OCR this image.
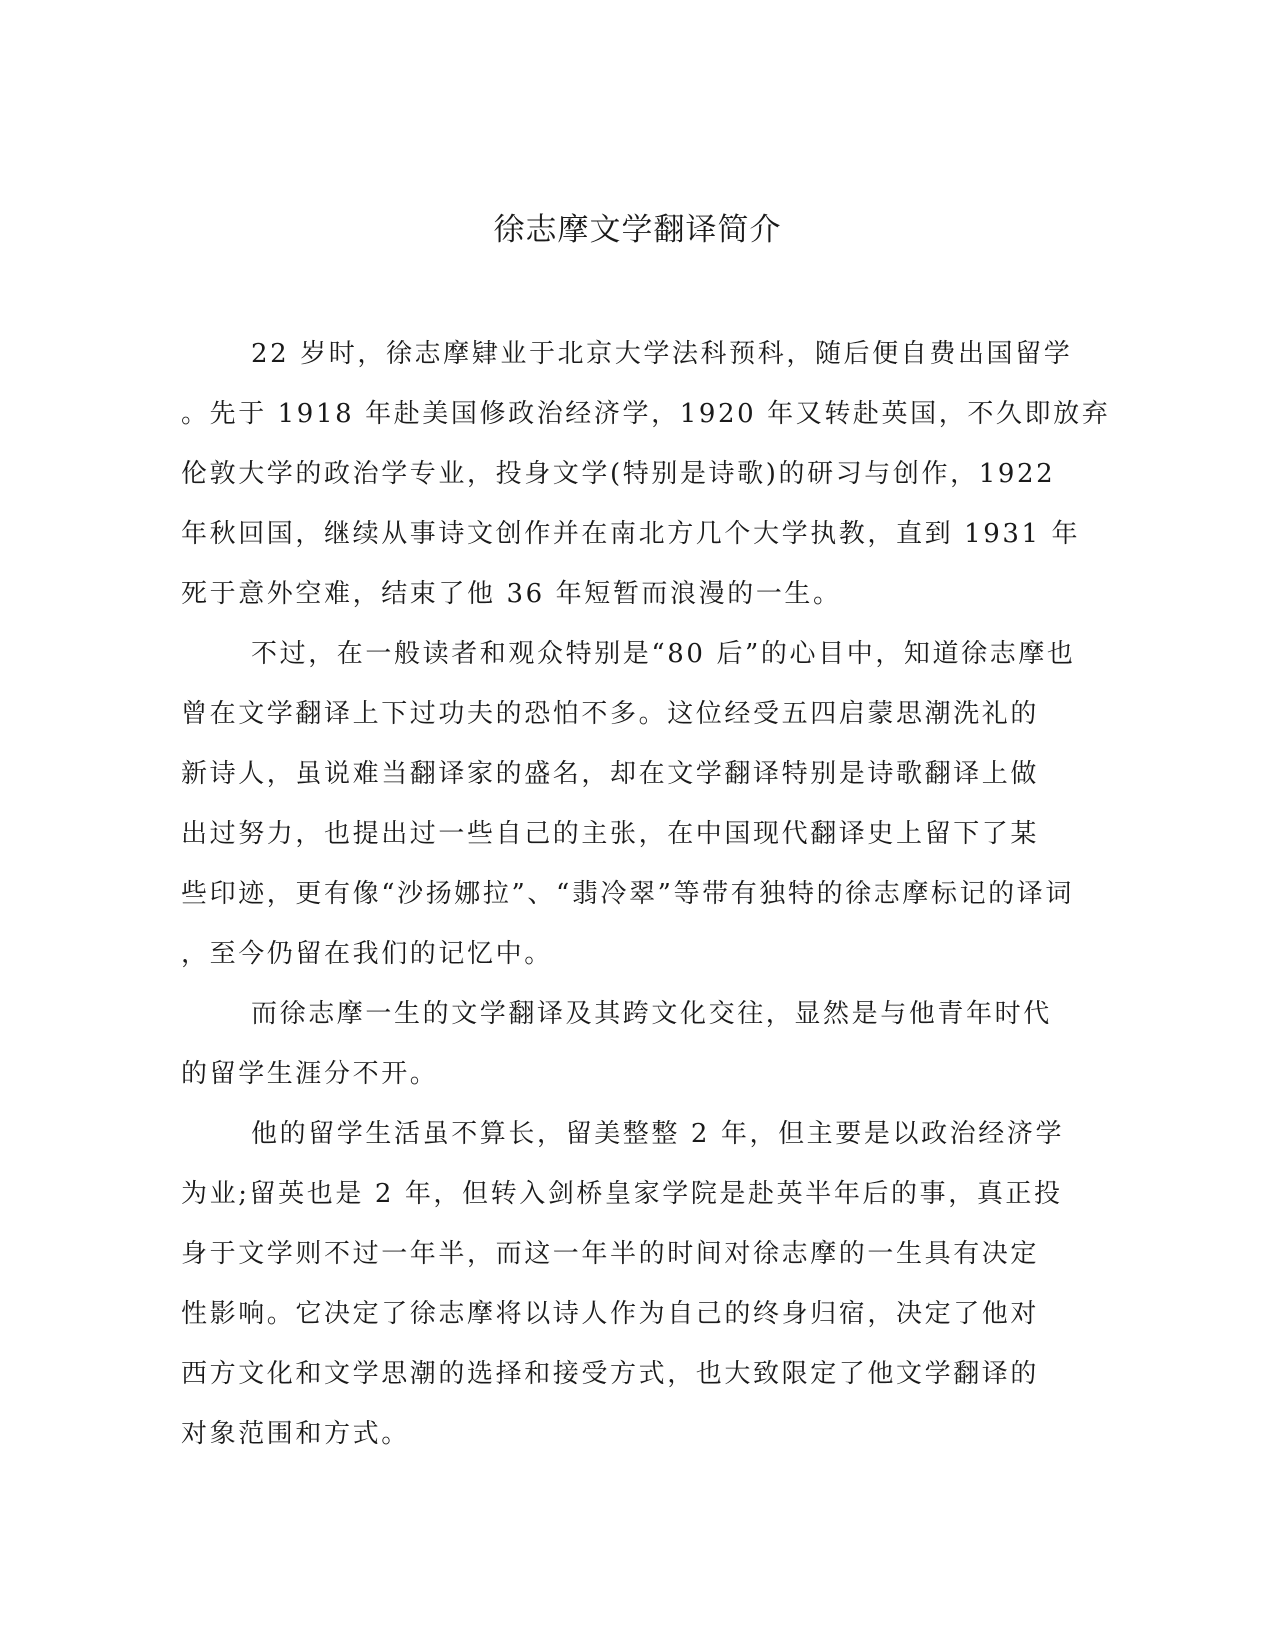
徐志摩文学翻译简介
22 岁时，徐志摩肄业于北京大学法科预科，随后便自费出国留学
。先于 1918 年赴美国修政治经济学，1920 年又转赴英国，不久即放弃
伦敦大学的政治学专业，投身文学(特别是诗歌)的研习与创作，1922
年秋回国，继续从事诗文创作并在南北方几个大学执教，直到 1931 年
死于意外空难，结束了他 36 年短暂而浪漫的一生。
不过，在一般读者和观众特别是“80 后”的心目中，知道徐志摩也
曾在文学翻译上下过功夫的恐怕不多。这位经受五四启蒙思潮洗礼的
新诗人，虽说难当翻译家的盛名，却在文学翻译特别是诗歌翻译上做
出过努力，也提出过一些自己的主张，在中国现代翻译史上留下了某
些印迹，更有像“沙扬娜拉”、“翡冷翠”等带有独特的徐志摩标记的译词
，至今仍留在我们的记忆中。
而徐志摩一生的文学翻译及其跨文化交往，显然是与他青年时代
的留学生涯分不开。
他的留学生活虽不算长，留美整整 2 年，但主要是以政治经济学
为业;留英也是 2 年，但转入剑桥皇家学院是赴英半年后的事，真正投
身于文学则不过一年半，而这一年半的时间对徐志摩的一生具有决定
性影响。它决定了徐志摩将以诗人作为自己的终身归宿，决定了他对
西方文化和文学思潮的选择和接受方式，也大致限定了他文学翻译的
对象范围和方式。
